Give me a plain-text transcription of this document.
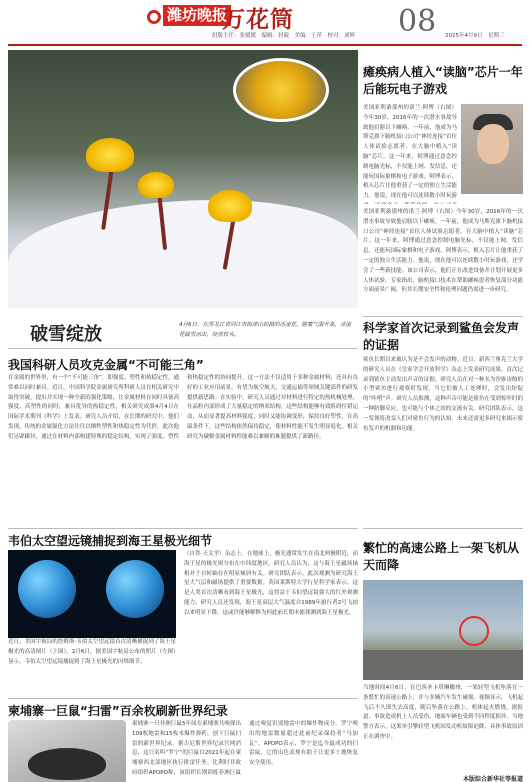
潍坊晚报
万花筒
组版主任：张媛媛　编辑：封毅　美编：王萍　校对：刘辉 08 2025年4月9日　星期三
破雪绽放	4月6日，在黑龙江省同江市街津山拍摄的冰凌花。随着气温升高，冰凌花破雪而出，绽放枝头。
我国科研人员攻克金属“不可能三角”
在金属的世界里，有一个“不可能三角”，即强度、塑性和热稳定性，通常难以同时兼具。近日，中国科学院金属研究所科研人员在相关研究中取得突破，提出并实现一种全新的强化策略，让金属材料在同时具备高强度、高塑性的同时，兼具优异的热稳定性，相关研究成果4月4日在国际学术期刊《科学》上发表。研究人员介绍，在长期的研究中，他们发现，传统的金属强化方法往往以牺牲塑性和热稳定性为代价。此次他们另辟蹊径，通过在材料内部构建特殊的稳定结构，实现了强度、塑性和热稳定性的协同提升。这一方法不仅适用于多种金属材料，还具有良好的工业应用前景，有望为航空航天、交通运输等领域关键部件的研发提供新思路。在实验中，研究人员通过对材料进行特定的热机械处理，在晶粒内部形成了大量稳定的纳米结构，这些结构能够有效阻碍位错运动，从而显著提高材料强度，同时又能协调变形，保持良好塑性。在高温条件下，这些结构依然保持稳定，使材料性能不发生明显退化。相关研究为破解金属材料性能难以兼顾的难题提供了新路径。
韦伯太空望远镜捕捉到海王星极光细节
近日，美国宇航局的詹姆斯·韦伯太空望远镜首次清晰捕捉到了海王星极光的高清图片（上图）。2月6日，据美国宇航局公布的照片（左图）显示，韦伯太空望远镜捕捉到了海王星极光的闪烁细节。
（自然·天文学）杂志上。在地球上，极光通常发生在南北两极附近，而海王星的极光则分布在中纬度地区。研究人员认为，这与海王星磁场轴相对于自转轴存在明显倾斜有关。研究团队表示，此次观测为研究海王星大气层和磁场提供了重要数据。英国莱斯特大学行星科学家表示，这是人类首次清晰看到海王星极光，这得益于韦伯望远镜强大的红外观测能力。研究人员还发现，海王星高层大气温度自1989年旅行者2号飞掠以来明显下降，这或许能够解释为何此前长期未能探测到海王星极光。
柬埔寨一巨鼠“扫雷”百余枚刷新世界纪录
柬埔寨一只非洲巨鼠5年间在柬埔寨共嗅探出109枚地雷和15枚未爆炸弹药，创下巨鼠扫雷的新世界纪录。据吉尼斯世界纪录官网消息，这只名叫“罗宁”的巨鼠自2021年起在柬埔寨西北部地区执行排雷任务。比利时非政府组织APOPO称，该组织长期训练非洲巨鼠通过嗅觉识别地雷中的爆炸物成分。罗宁嗅出的地雷数量超过此前纪录保持者“马加瓦”。APOPO表示，罗宁是迄今最成功的扫雷鼠，它的出色表现有助于让更多土地恢复安全使用。
瘫痪病人植入“读脑”芯片一年后能玩电子游戏
美国亚利桑那州的诺兰·阿博（右图）今年30岁，2016年的一次潜水事故导致他肩膀以下瘫痪。一年前，他成为马斯克旗下脑机接口公司“神经连接”首位人体试验志愿者，在大脑中植入“读脑”芯片。这一年来，阿博通过意念控制电脑光标，不仅能上网、发信息，还能玩国际象棋和电子游戏。阿博表示，植入芯片让他重获了一定的独立生活能力。他说，现在他可以连续数小时玩游
美国亚利桑那州的诺兰·阿博（右图）今年30岁，2016年的一次潜水事故导致他肩膀以下瘫痪。一年前，他成为马斯克旗下脑机接口公司“神经连接”首位人体试验志愿者，在大脑中植入“读脑”芯片。这一年来，阿博通过意念控制电脑光标，不仅能上网、发信息，还能玩国际象棋和电子游戏。阿博表示，植入芯片让他重获了一定的独立生活能力。他说，现在他可以连续数小时玩游戏，还学会了一些新技能。该公司表示，他们正在改进设备并计划开展更多人体试验。专家指出，脑机接口技术在帮助瘫痪患者恢复部分功能方面前景广阔，但其长期安全性和伦理问题仍需进一步研究。
科学家首次记录到鲨鱼会发声的证据
鲨鱼长期以来被认为是不会发声的动物。近日，新西兰奥克兰大学的研究人员在《皇家学会开放科学》杂志上发表研究成果，首次记录到鲨鱼主动发出声音的证据。研究人员在对一种名为沙锥齿鲛的小型鲨鱼进行观察时发现，当它们被人工处理时，会发出短促的“咔嗒”声。研究人员推测，这种声音可能是鲨鱼在受到惊吓时的一种防御反应，也可能与个体之间的交流有关。研究团队表示，这一发现将改变人们对鲨鱼行为的认知，未来还需更多研究来揭示鲨鱼发声的机制和功能。
繁忙的高速公路上一架飞机从天而降
当地时间4月6日，在巴西圣卡塔琳娜州，一架轻型飞机坠落在一条繁忙的高速公路上，并与多辆汽车发生碰撞。视频显示，飞机起飞后不久即失去高度，随后坠落在公路上，机体起火燃烧。据报道，事故造成机上人员受伤，地面车辆也受到不同程度损坏。当地警方表示，这架单引擎轻型飞机因发动机故障迫降，具体事故原因正在调查中。
本版综合新华社等报道
